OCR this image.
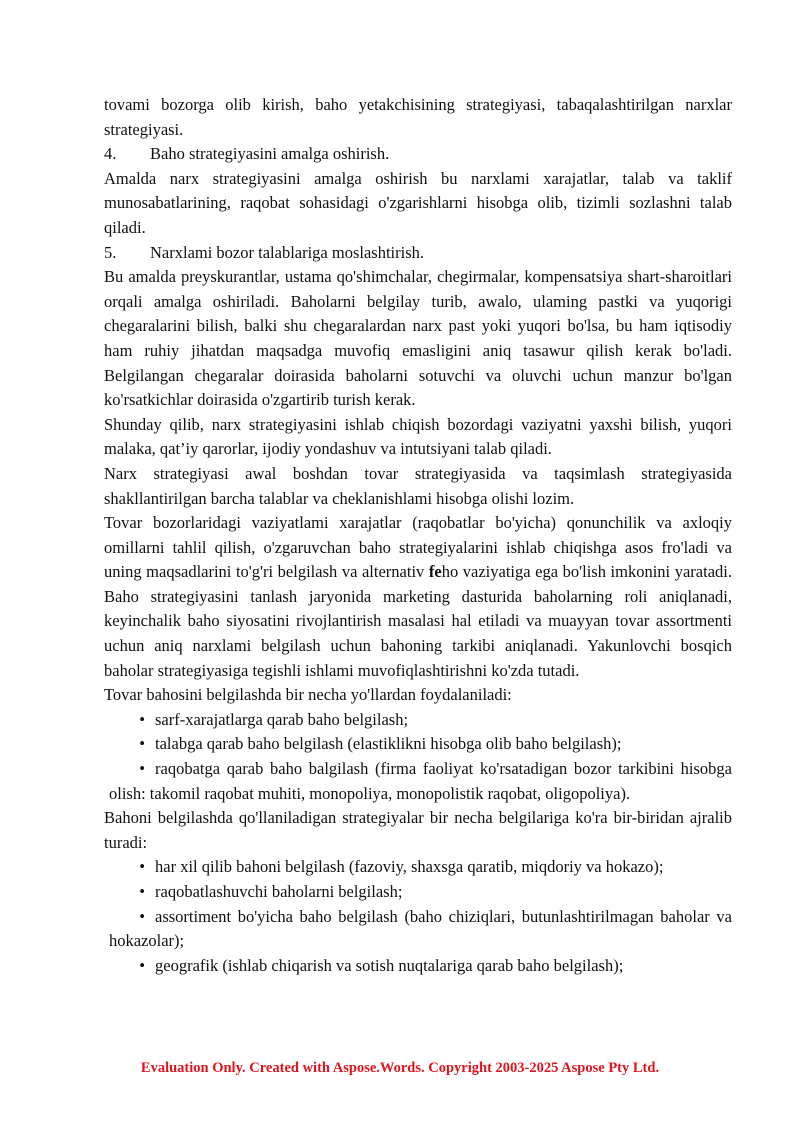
tovami bozorga olib kirish, baho yetakchisining strategiyasi, tabaqalashtirilgan narxlar strategiyasi.

4.	Baho strategiyasini amalga oshirish.

Amalda narx strategiyasini amalga oshirish bu narxlami xarajatlar, talab va taklif munosabatlarining, raqobat sohasidagi o'zgarishlarni hisobga olib, tizimli sozlashni talab qiladi.

5.	Narxlami bozor talablariga moslashtirish.

Bu amalda preyskurantlar, ustama qo'shimchalar, chegirmalar, kompensatsiya shart-sharoitlari orqali amalga oshiriladi. Baholarni belgilay turib, awalo, ulaming pastki va yuqorigi chegaralarini bilish, balki shu chegaralardan narx past yoki yuqori bo'lsa, bu ham iqtisodiy ham ruhiy jihatdan maqsadga muvofiq emasligini aniq tasawur qilish kerak bo'ladi. Belgilangan chegaralar doirasida baholarni sotuvchi va oluvchi uchun manzur bo'lgan ko'rsatkichlar doirasida o'zgartirib turish kerak.

Shunday qilib, narx strategiyasini ishlab chiqish bozordagi vaziyatni yaxshi bilish, yuqori malaka, qat’iy qarorlar, ijodiy yondashuv va intutsiyani talab qiladi.

Narx strategiyasi awal boshdan tovar strategiyasida va taqsimlash strategiyasida shakllantirilgan barcha talablar va cheklanishlami hisobga olishi lozim.

Tovar bozorlaridagi vaziyatlami xarajatlar (raqobatlar bo'yicha) qonunchilik va axloqiy omillarni tahlil qilish, o'zgaruvchan baho strategiyalarini ishlab chiqishga asos fro'ladi va uning maqsadlarini to'g'ri belgilash va alternativ feho vaziyatiga ega bo'lish imkonini yaratadi. Baho strategiyasini tanlash jaryonida marketing dasturida baholarning roli aniqlanadi, keyinchalik baho siyosatini rivojlantirish masalasi hal etiladi va muayyan tovar assortmenti uchun aniq narxlami belgilash uchun bahoning tarkibi aniqlanadi. Yakunlovchi bosqich baholar strategiyasiga tegishli ishlami muvofiqlashtirishni ko'zda tutadi.

Tovar bahosini belgilashda bir necha yo'llardan foydalaniladi:

• sarf-xarajatlarga qarab baho belgilash;
• talabga qarab baho belgilash (elastiklikni hisobga olib baho belgilash);
• raqobatga qarab baho balgilash (firma faoliyat ko'rsatadigan bozor tarkibini hisobga olish: takomil raqobat muhiti, monopoliya, monopolistik raqobat, oligopoliya).

Bahoni belgilashda qo'llaniladigan strategiyalar bir necha belgilariga ko'ra bir-biridan ajralib turadi:

• har xil qilib bahoni belgilash (fazoviy, shaxsga qaratib, miqdoriy va hokazo);
• raqobatlashuvchi baholarni belgilash;
• assortiment bo'yicha baho belgilash (baho chiziqlari, butunlashtirilmagan baholar va hokazolar);
• geografik (ishlab chiqarish va sotish nuqtalariga qarab baho belgilash);
Evaluation Only. Created with Aspose.Words. Copyright 2003-2025 Aspose Pty Ltd.
